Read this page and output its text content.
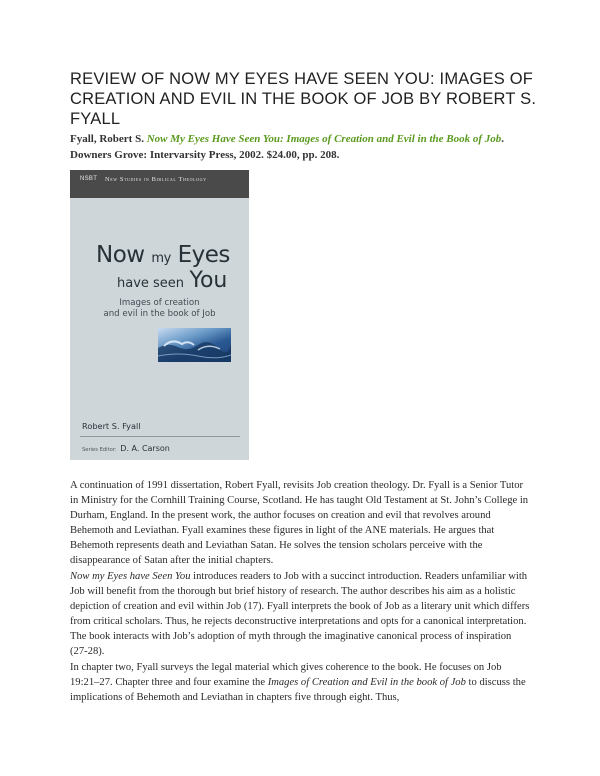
REVIEW OF NOW MY EYES HAVE SEEN YOU: IMAGES OF CREATION AND EVIL IN THE BOOK OF JOB BY ROBERT S. FYALL
Fyall, Robert S. Now My Eyes Have Seen You: Images of Creation and Evil in the Book of Job. Downers Grove: Intervarsity Press, 2002. $24.00, pp. 208.
NSBT New Studies in Biblical Theology
Now my Eyes
have seen You
Images of creation
and evil in the book of Job
Robert S. Fyall
Series Editor: D. A. Carson

A continuation of 1991 dissertation, Robert Fyall, revisits Job creation theology. Dr. Fyall is a Senior Tutor in Ministry for the Cornhill Training Course, Scotland. He has taught Old Testament at St. John’s College in Durham, England. In the present work, the author focuses on creation and evil that revolves around Behemoth and Leviathan. Fyall examines these figures in light of the ANE materials. He argues that Behemoth represents death and Leviathan Satan. He solves the tension scholars perceive with the disappearance of Satan after the initial chapters.

Now my Eyes have Seen You introduces readers to Job with a succinct introduction. Readers unfamiliar with Job will benefit from the thorough but brief history of research. The author describes his aim as a holistic depiction of creation and evil within Job (17). Fyall interprets the book of Job as a literary unit which differs from critical scholars. Thus, he rejects deconstructive interpretations and opts for a canonical interpretation. The book interacts with Job’s adoption of myth through the imaginative canonical process of inspiration (27-28).

In chapter two, Fyall surveys the legal material which gives coherence to the book. He focuses on Job 19:21–27. Chapter three and four examine the Images of Creation and Evil in the book of Job to discuss the implications of Behemoth and Leviathan in chapters five through eight. Thus,
